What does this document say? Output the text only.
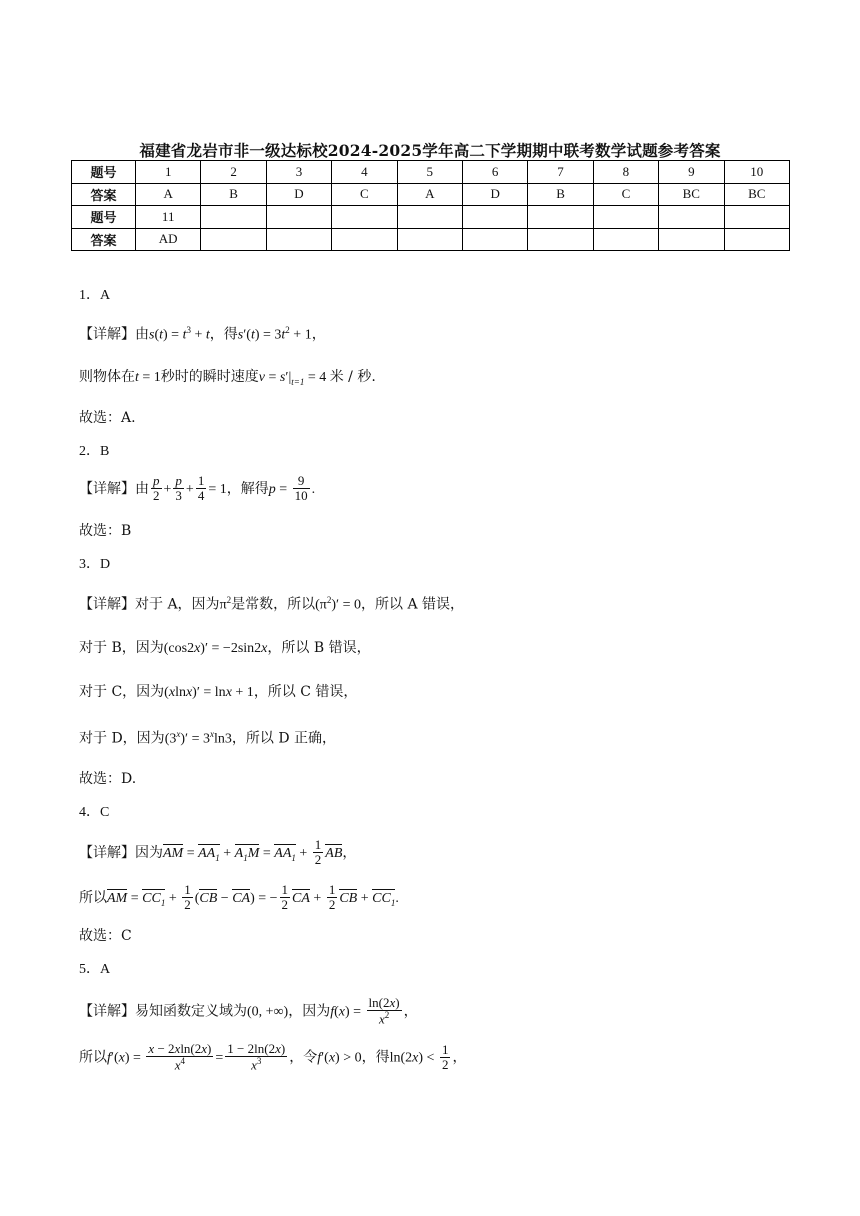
福建省龙岩市非一级达标校2024-2025学年高二下学期期中联考数学试题参考答案
题号	1	2	3	4	5	6	7	8	9	10
答案	A	B	D	C	A	D	B	C	BC	BC
题号	11									
答案	AD									
1．A
【详解】由$s(t) = t^3 + t$，得$s'(t) = 3t^2 + 1$，
则物体在t = 1秒时的瞬时速度$v = s'|_{t=1} = 4$ 米 / 秒.
故选：A.
2．B
【详解】由 $\frac{p}{2} + \frac{p}{3} + \frac{1}{4} = 1$，解得$p = \frac{9}{10}$ .
故选：B
3．D
【详解】对于 A，因为$\pi^2$是常数，所以$(\pi^2)' = 0$，所以 A 错误，
对于 B，因为(cos2x)′ = −2sin2x，所以 B 错误，
对于 C，因为(xlnx)′ = lnx + 1，所以 C 错误，
对于 D，因为$(3^x)' = 3^x\ln 3$，所以 D 正确，
故选：D.
4．C
【详解】因为AM = $AA_1 + A_1M = AA_1 + \frac{1}{2}$ AB，
所以AM = $CC_1 + \frac{1}{2} (CB - CA)$ = − $\frac{1}{2}$ CA + $\frac{1}{2}$ CB + $CC_1$.
故选：C
5．A
【详解】易知函数定义域为(0, +∞)，因为$f(x) = \frac{\ln(2x)}{x^2}$ ，
所以$f'(x) = \frac{x - 2xln(2x)}{x^4} = \frac{1 - 2\ln(2x)}{x^3}$ ，令f′(x) > 0，得$\ln(2x) < \frac{1}{2}$ ，
